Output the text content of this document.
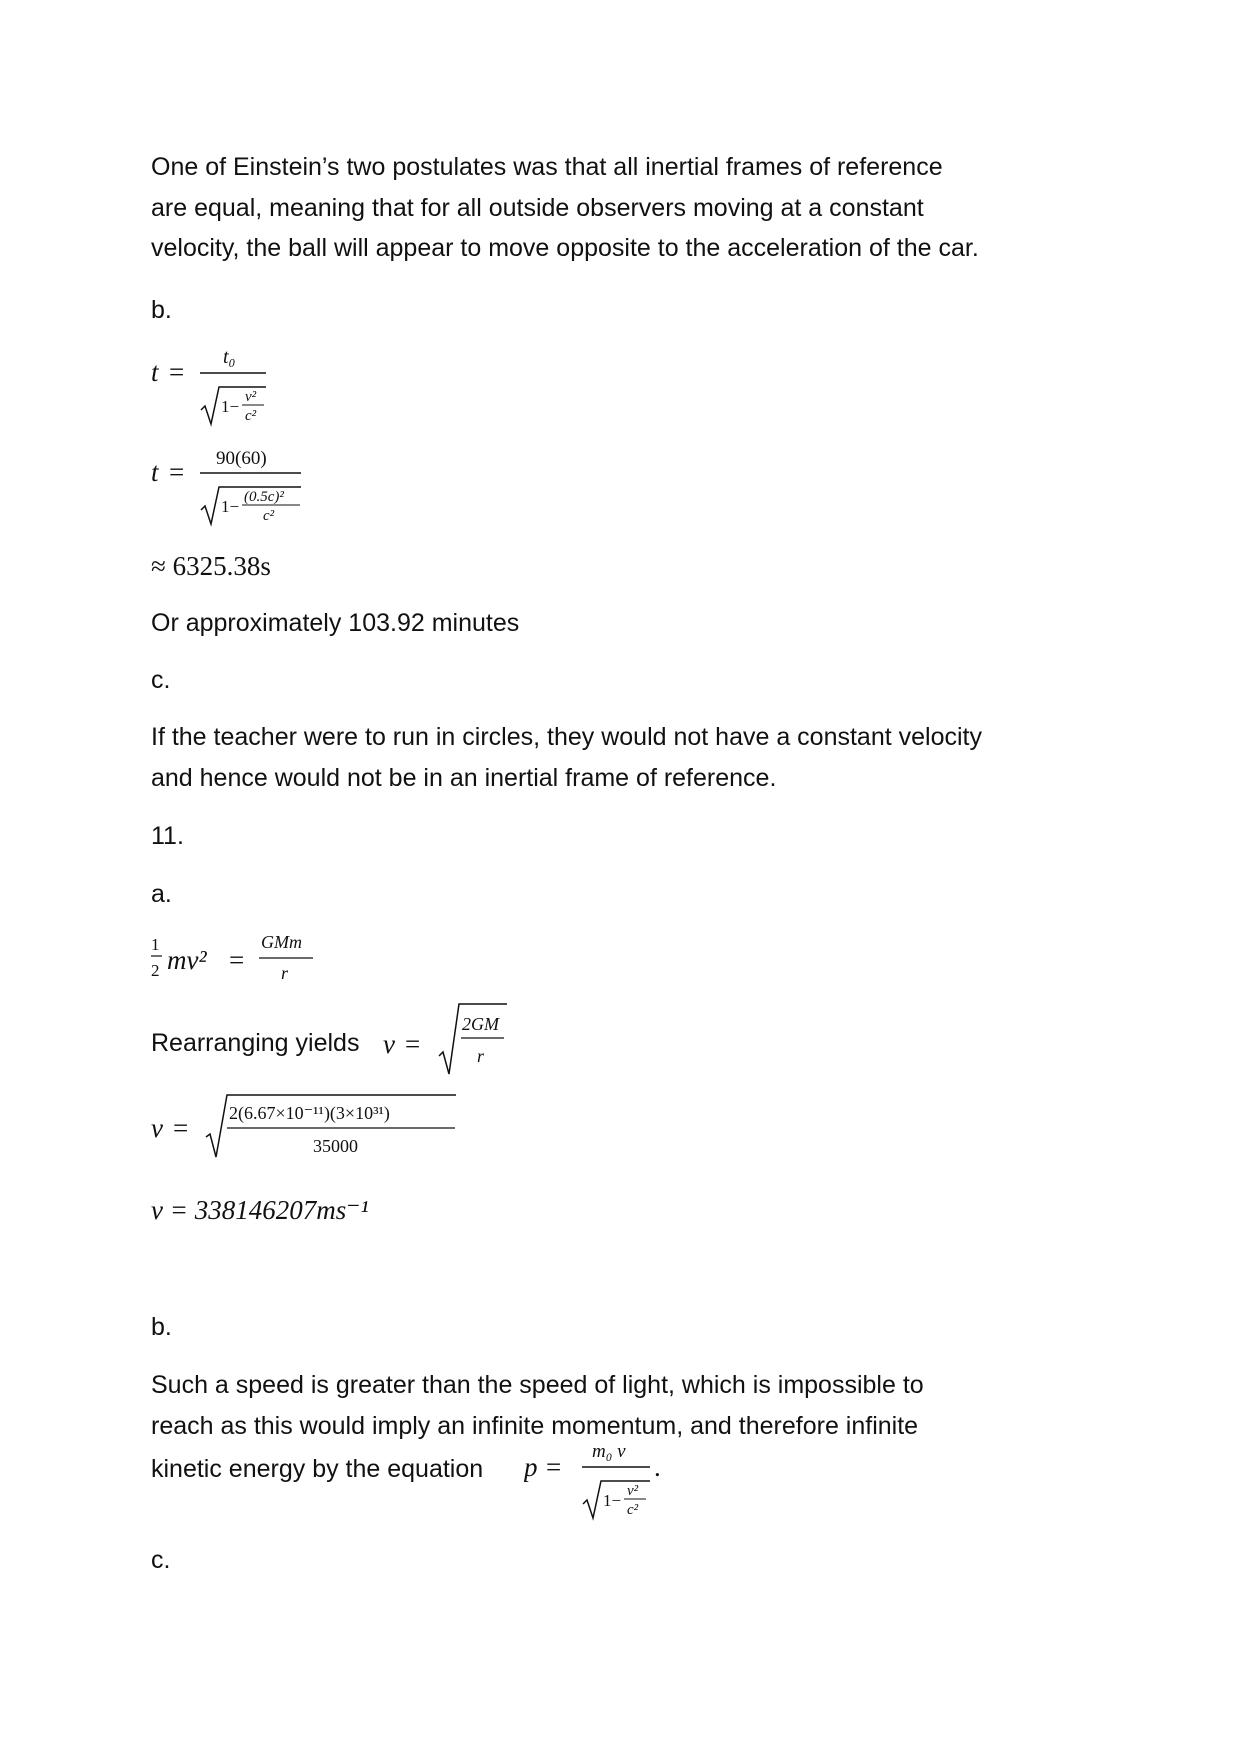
One of Einstein’s two postulates was that all inertial frames of reference
are equal, meaning that for all outside observers moving at a constant
velocity, the ball will appear to move opposite to the acceleration of the car.
b.
t = t₀
1− v²
c²
t = 90(60)
1− (0.5c)²
c²
≈ 6325.38s
Or approximately 103.92 minutes
c.
If the teacher were to run in circles, they would not have a constant velocity
and hence would not be in an inertial frame of reference.
11.
a.
1
2 mv² =
GMm
r
Rearranging yields v =
2GM
r
v = 2(6.67×10⁻¹¹)(3×10³¹)
35000
v = 338146207ms⁻¹
b.
Such a speed is greater than the speed of light, which is impossible to
reach as this would imply an infinite momentum, and therefore infinite
kinetic energy by the equation	p =
m₀ v
1− v²
c²
.
c.
